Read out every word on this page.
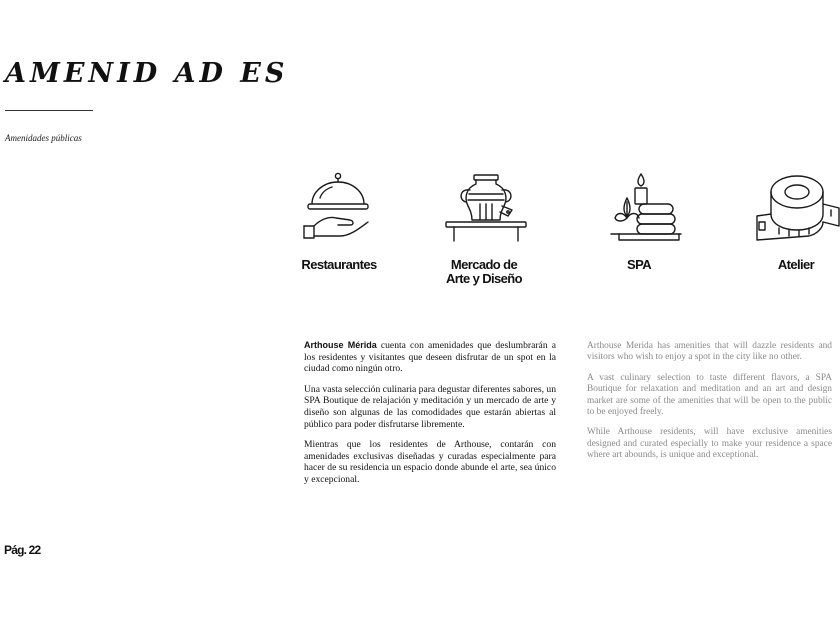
AMENID AD ES
Amenidades públicas
Restaurantes	Mercado de
Arte y Diseño
SPA	Atelier

Arthouse Mérida cuenta con amenidades que deslumbrarán a los residentes y visitantes que deseen disfrutar de un spot en la ciudad como ningún otro.

Una vasta selección culinaria para degustar diferentes sabores, un SPA Boutique de relajación y meditación y un mercado de arte y diseño son algunas de las comodidades que estarán abiertas al público para poder disfrutarse libremente.

Mientras que los residentes de Arthouse, contarán con amenidades exclusivas diseñadas y curadas especialmente para hacer de su residencia un espacio donde abunde el arte, sea único y excepcional.

Arthouse Merida has amenities that will dazzle residents and visitors who wish to enjoy a spot in the city like no other.

A vast culinary selection to taste different flavors, a SPA Boutique for relaxation and meditation and an art and design market are some of the amenities that will be open to the public to be enjoyed freely.

While Arthouse residents, will have exclusive amenities designed and curated especially to make your residence a space where art abounds, is unique and exceptional.

Pág. 22
